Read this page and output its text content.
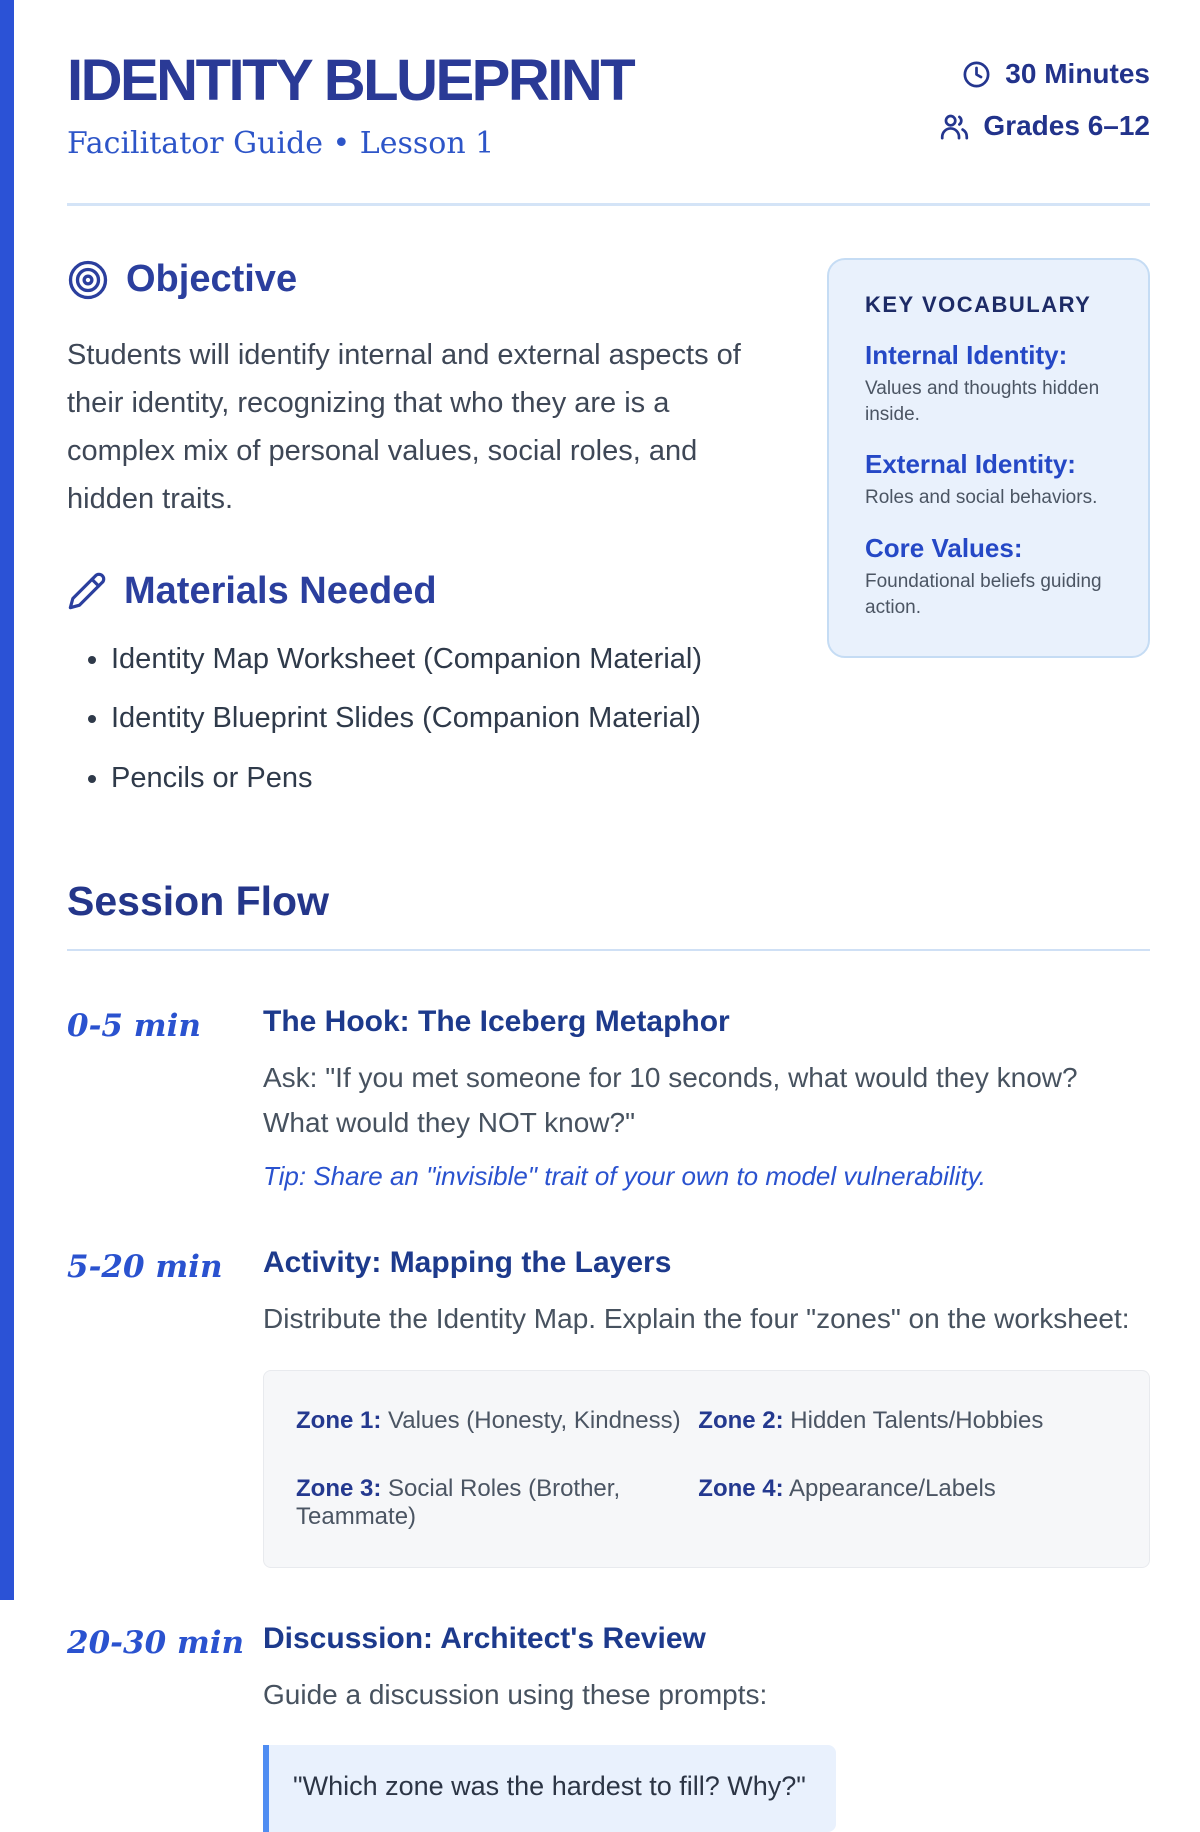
IDENTITY BLUEPRINT
Facilitator Guide • Lesson 1
30 Minutes
Grades 6–12
Objective

Students will identify internal and external aspects of their identity, recognizing that who they are is a complex mix of personal values, social roles, and hidden traits.

Materials Needed
• Identity Map Worksheet (Companion Material)
• Identity Blueprint Slides (Companion Material)
• Pencils or Pens
KEY VOCABULARY
Internal Identity:
Values and thoughts hidden inside.
External Identity:
Roles and social behaviors.
Core Values:
Foundational beliefs guiding action.
Session Flow
0-5 min	The Hook: The Iceberg Metaphor
Ask: "If you met someone for 10 seconds, what would they know? What would they NOT know?"
Tip: Share an "invisible" trait of your own to model vulnerability.
5-20 min	Activity: Mapping the Layers
Distribute the Identity Map. Explain the four "zones" on the worksheet:
Zone 1: Values (Honesty, Kindness) Zone 2: Hidden Talents/Hobbies
Zone 3: Social Roles (Brother, Teammate)
Zone 4: Appearance/Labels
20-30 min Discussion: Architect's Review
Guide a discussion using these prompts:
"Which zone was the hardest to fill? Why?"
